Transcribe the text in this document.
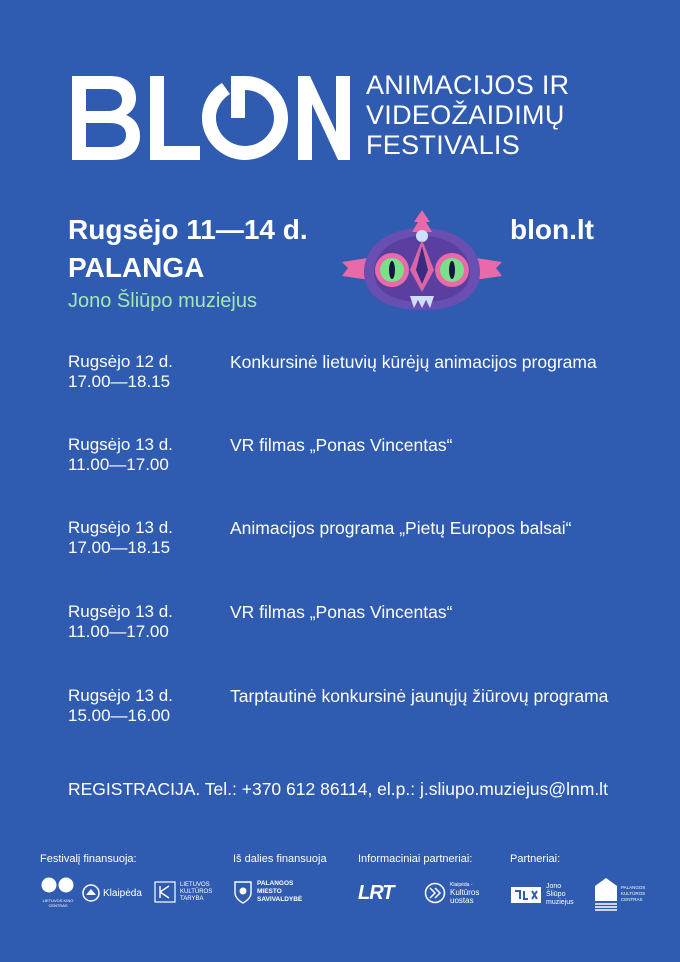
ANIMACIJOS IR
VIDEOŽAIDIMŲ
FESTIVALIS
Rugsėjo 11—14 d.
PALANGA
Jono Šliūpo muziejus
blon.lt
Rugsėjo 12 d.
17.00—18.15
Konkursinė lietuvių kūrėjų animacijos programa
Rugsėjo 13 d.
11.00—17.00
VR filmas „Ponas Vincentas“
Rugsėjo 13 d.
17.00—18.15
Animacijos programa „Pietų Europos balsai“
Rugsėjo 13 d.
11.00—17.00
VR filmas „Ponas Vincentas“
Rugsėjo 13 d.
15.00—16.00
Tarptautinė konkursinė jaunųjų žiūrovų programa
REGISTRACIJA. Tel.: +370 612 86114, el.p.: j.sliupo.muziejus@lnm.lt
Festivalį finansuoja:	Iš dalies finansuoja	Informaciniai partneriai:	Partneriai:
LIETUVOS KINO CENTRAS
Klaipėda
LIETUVOS
KULTŪROS
TARYBA
PALANGOS
MIESTO
SAVIVALDYBĖ	LRT	Klaipėda -
Kultūros
uostas
Jono
Šliūpo
muziejus
PALANGOS
KULTŪROS
CENTRAS
